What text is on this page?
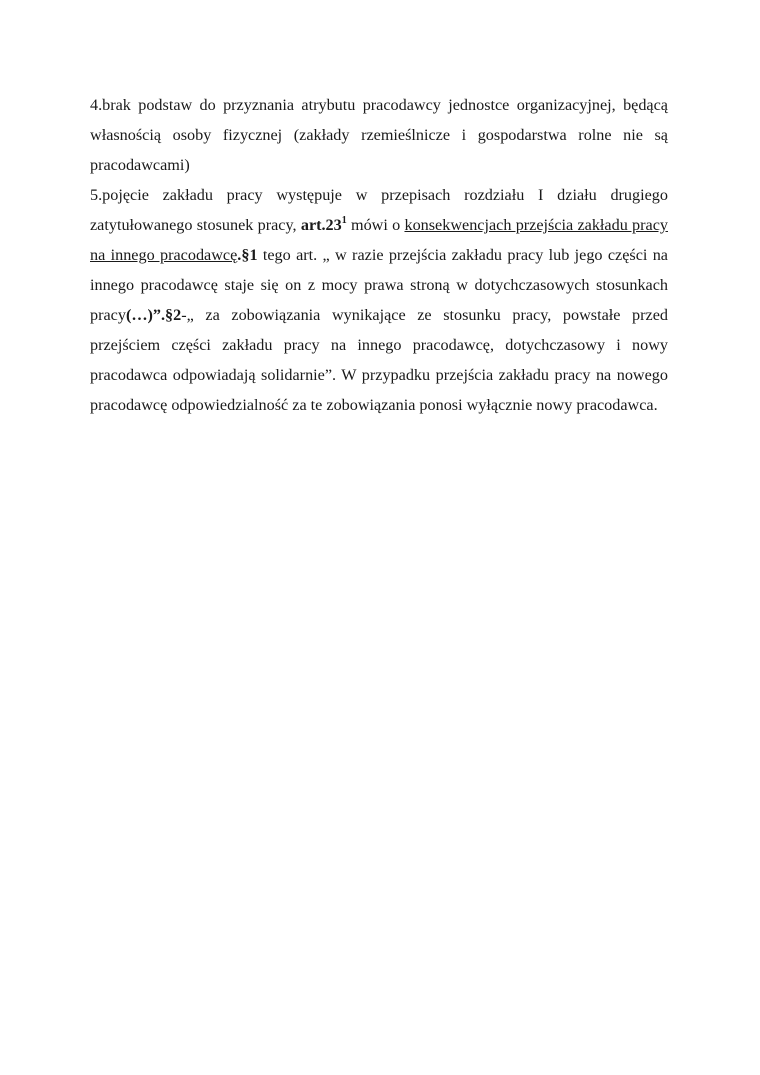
4.brak podstaw do przyznania atrybutu pracodawcy jednostce organizacyjnej, będącą własnością osoby fizycznej (zakłady rzemieślnicze i gospodarstwa rolne nie są pracodawcami)

5.pojęcie zakładu pracy występuje w przepisach rozdziału I działu drugiego zatytułowanego stosunek pracy, $art.23^1$ mówi o konsekwencjach przejścia zakładu pracy na innego pracodawcę.§1 tego art. „ w razie przejścia zakładu pracy lub jego części na innego pracodawcę staje się on z mocy prawa stroną w dotychczasowych stosunkach pracy(…)”.§2-„ za zobowiązania wynikające ze stosunku pracy, powstałe przed przejściem części zakładu pracy na innego pracodawcę, dotychczasowy i nowy pracodawca odpowiadają solidarnie”. W przypadku przejścia zakładu pracy na nowego pracodawcę odpowiedzialność za te zobowiązania ponosi wyłącznie nowy pracodawca.
